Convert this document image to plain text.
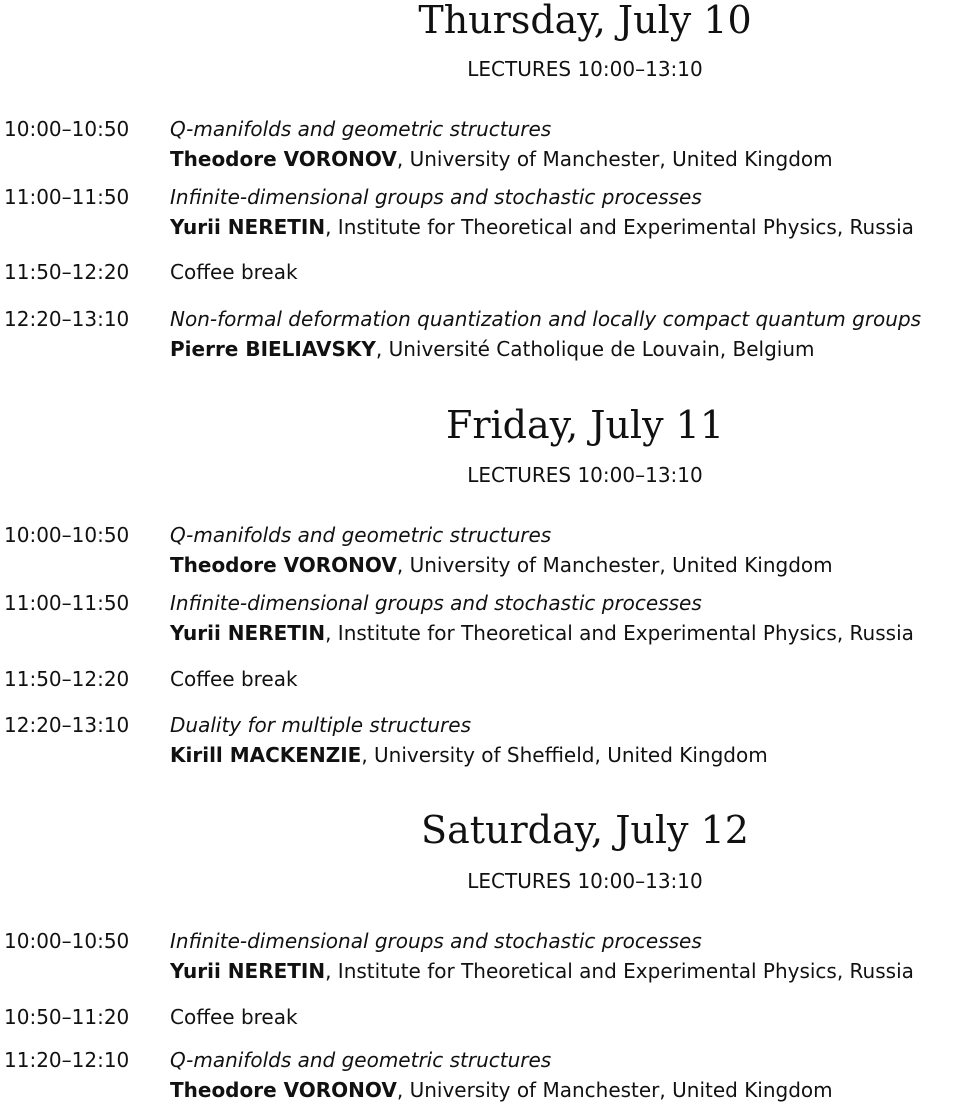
Thursday, July 10
LECTURES 10:00–13:10
10:00–10:50 Q-manifolds and geometric structures
Theodore VORONOV, University of Manchester, United Kingdom
11:00–11:50 Infinite-dimensional groups and stochastic processes
Yurii NERETIN, Institute for Theoretical and Experimental Physics, Russia
11:50–12:20 Coffee break
12:20–13:10 Non-formal deformation quantization and locally compact quantum groups
Pierre BIELIAVSKY, Université Catholique de Louvain, Belgium
Friday, July 11
LECTURES 10:00–13:10
10:00–10:50 Q-manifolds and geometric structures
Theodore VORONOV, University of Manchester, United Kingdom
11:00–11:50 Infinite-dimensional groups and stochastic processes
Yurii NERETIN, Institute for Theoretical and Experimental Physics, Russia
11:50–12:20 Coffee break
12:20–13:10 Duality for multiple structures
Kirill MACKENZIE, University of Sheffield, United Kingdom
Saturday, July 12
LECTURES 10:00–13:10
10:00–10:50 Infinite-dimensional groups and stochastic processes
Yurii NERETIN, Institute for Theoretical and Experimental Physics, Russia
10:50–11:20 Coffee break
11:20–12:10 Q-manifolds and geometric structures
Theodore VORONOV, University of Manchester, United Kingdom
